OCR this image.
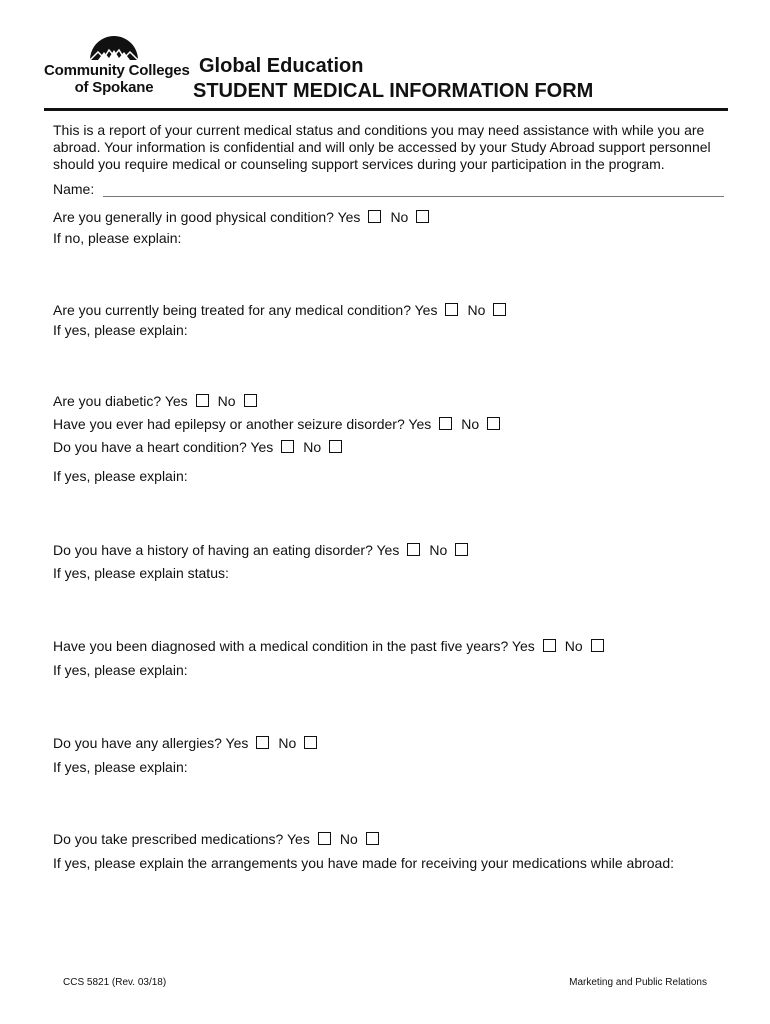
Community Colleges
of Spokane
Global Education
STUDENT MEDICAL INFORMATION FORM
This is a report of your current medical status and conditions you may need assistance with while you are abroad. Your information is confidential and will only be accessed by your Study Abroad support personnel should you require medical or counseling support services during your participation in the program.
Name:
Are you generally in good physical condition? Yes No
If no, please explain:
Are you currently being treated for any medical condition? Yes No
If yes, please explain:
Are you diabetic? Yes No
Have you ever had epilepsy or another seizure disorder? Yes No
Do you have a heart condition? Yes No
If yes, please explain:
Do you have a history of having an eating disorder? Yes No
If yes, please explain status:
Have you been diagnosed with a medical condition in the past five years? Yes No
If yes, please explain:
Do you have any allergies? Yes No
If yes, please explain:
Do you take prescribed medications? Yes No
If yes, please explain the arrangements you have made for receiving your medications while abroad:
CCS 5821 (Rev. 03/18)	Marketing and Public Relations
